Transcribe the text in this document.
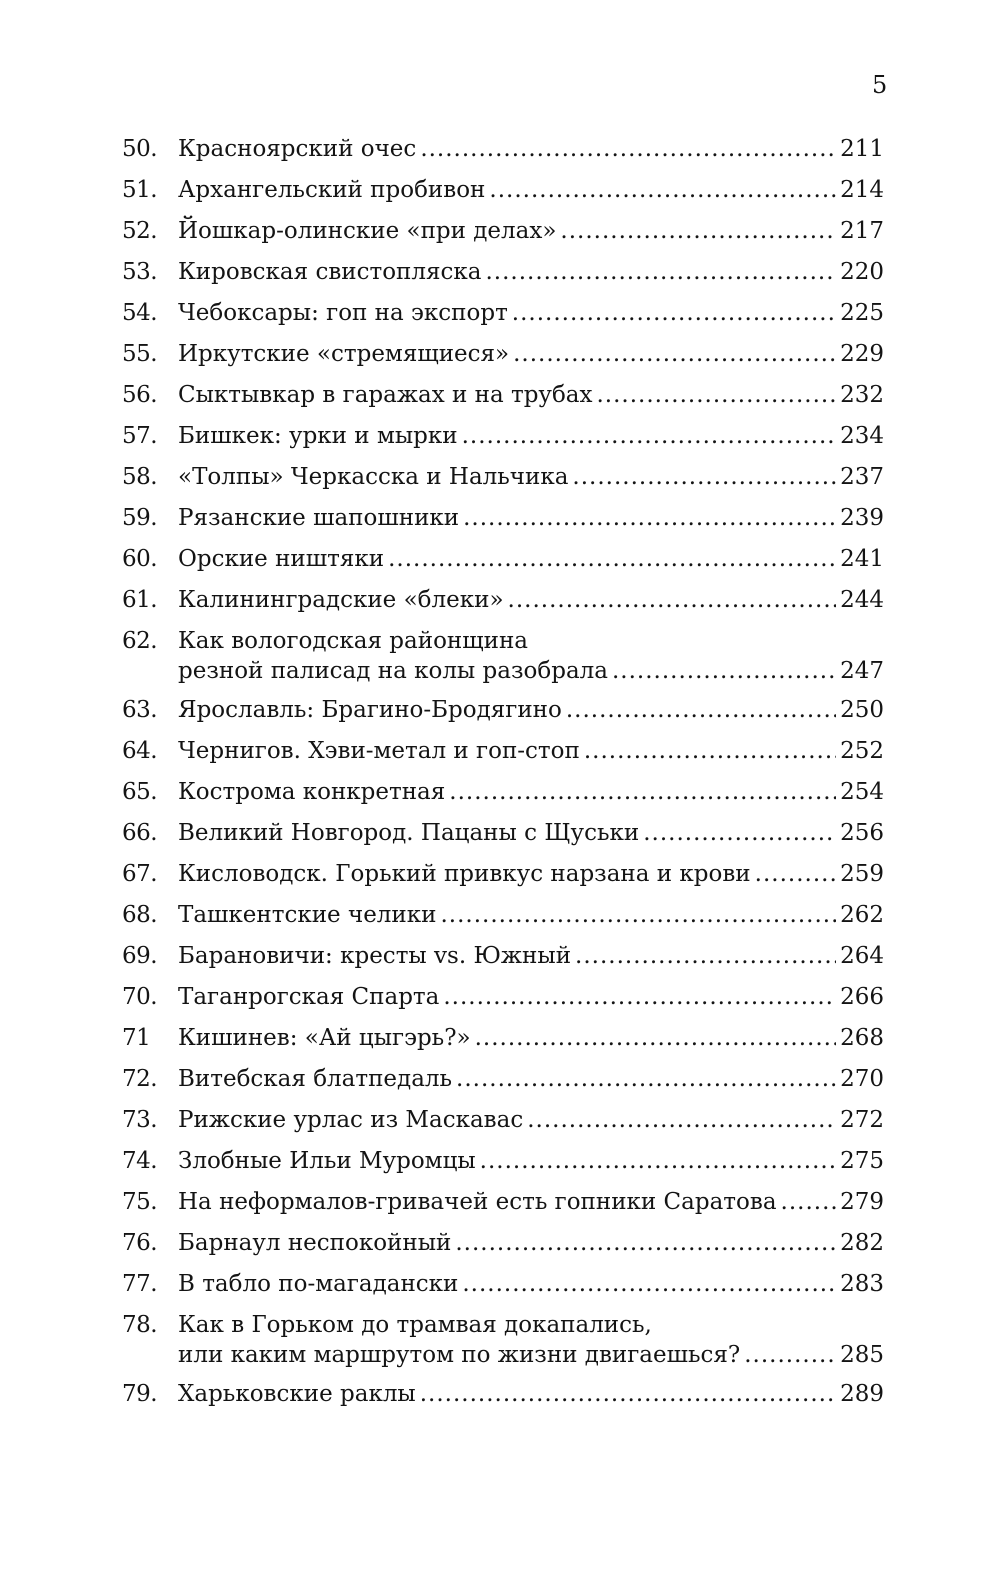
5
50. Красноярский очес .....	211
51. Архангельский пробивон .....	214
52. Йошкар-олинские «при делах» .....	217
53. Кировская свистопляска .....	220
54. Чебоксары: гоп на экспорт .....	225
55. Иркутские «стремящиеся» .....	229
56. Сыктывкар в гаражах и на трубах .....	232
57. Бишкек: урки и мырки .....	234
58. «Толпы» Черкасска и Нальчика .....	237
59. Рязанские шапошники .....	239
60. Орские ништяки .....	241
61. Калининградские «блеки» .....	244
62. Как вологодская районщина
резной палисад на колы разобрала .....	247
63. Ярославль: Брагино-Бродягино .....	250
64. Чернигов. Хэви-метал и гоп-стоп .....	252
65. Кострома конкретная .....	254
66. Великий Новгород. Пацаны с Щуськи .....	256
67. Кисловодск. Горький привкус нарзана и крови .....	259
68. Ташкентские челики .....	262
69. Барановичи: кресты vs. Южный .....	264
70. Таганрогская Спарта .....	266
71	Кишинев: «Ай цыгэрь?» .....	268
72. Витебская блатпедаль .....	270
73. Рижские урлас из Маскавас .....	272
74. Злобные Ильи Муромцы .....	275
75. На неформалов-гривачей есть гопники Саратова .....	279
76. Барнаул неспокойный .....	282
77. В табло по-магадански .....	283
78. Как в Горьком до трамвая докапались,
или каким маршрутом по жизни двигаешься? .....	285
79. Харьковские раклы .....	289
